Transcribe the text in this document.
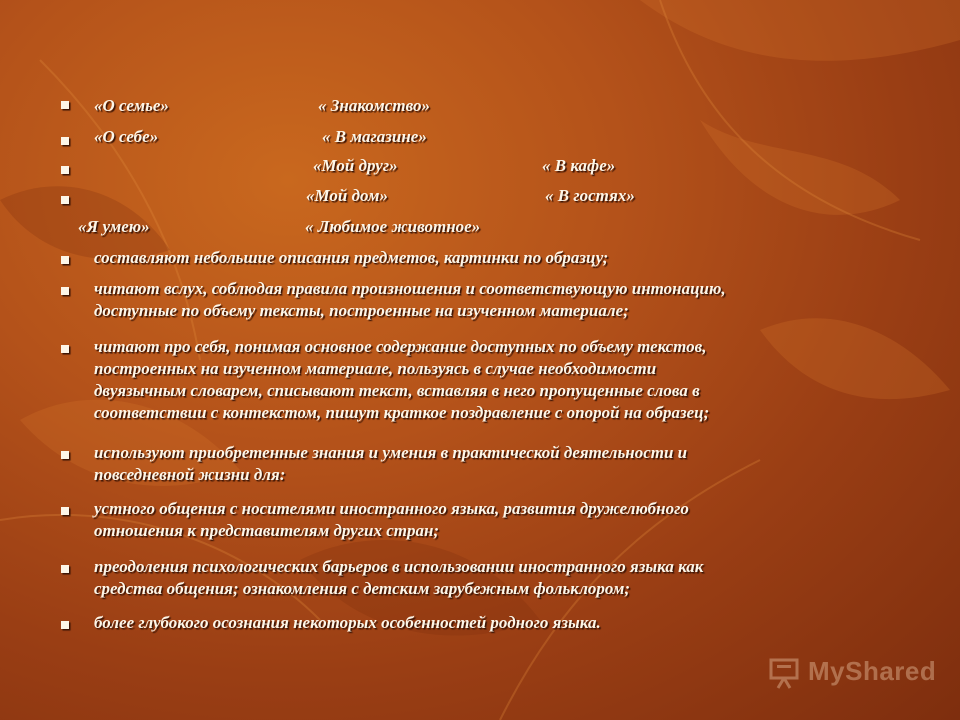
«О семье»	« Знакомство»
«О себе»	« В магазине»
«Мой друг»	« В кафе»
«Мой дом»	« В гостях»
«Я умею»	« Любимое животное»
составляют небольшие описания предметов, картинки по образцу;
читают вслух, соблюдая правила произношения и соответствующую интонацию,
доступные по объему тексты, построенные на изученном материале;
читают про себя, понимая основное содержание доступных по объему текстов,
построенных на изученном материале, пользуясь в случае необходимости
двуязычным словарем, списывают текст, вставляя в него пропущенные слова в
соответствии с контекстом, пишут краткое поздравление с опорой на образец;
используют приобретенные знания и умения в практической деятельности и
повседневной жизни для:
устного общения с носителями иностранного языка, развития дружелюбного
отношения к представителям других стран;
преодоления психологических барьеров в использовании иностранного языка как
средства общения; ознакомления с детским зарубежным фольклором;
более глубокого осознания некоторых особенностей родного языка.
MyShared
